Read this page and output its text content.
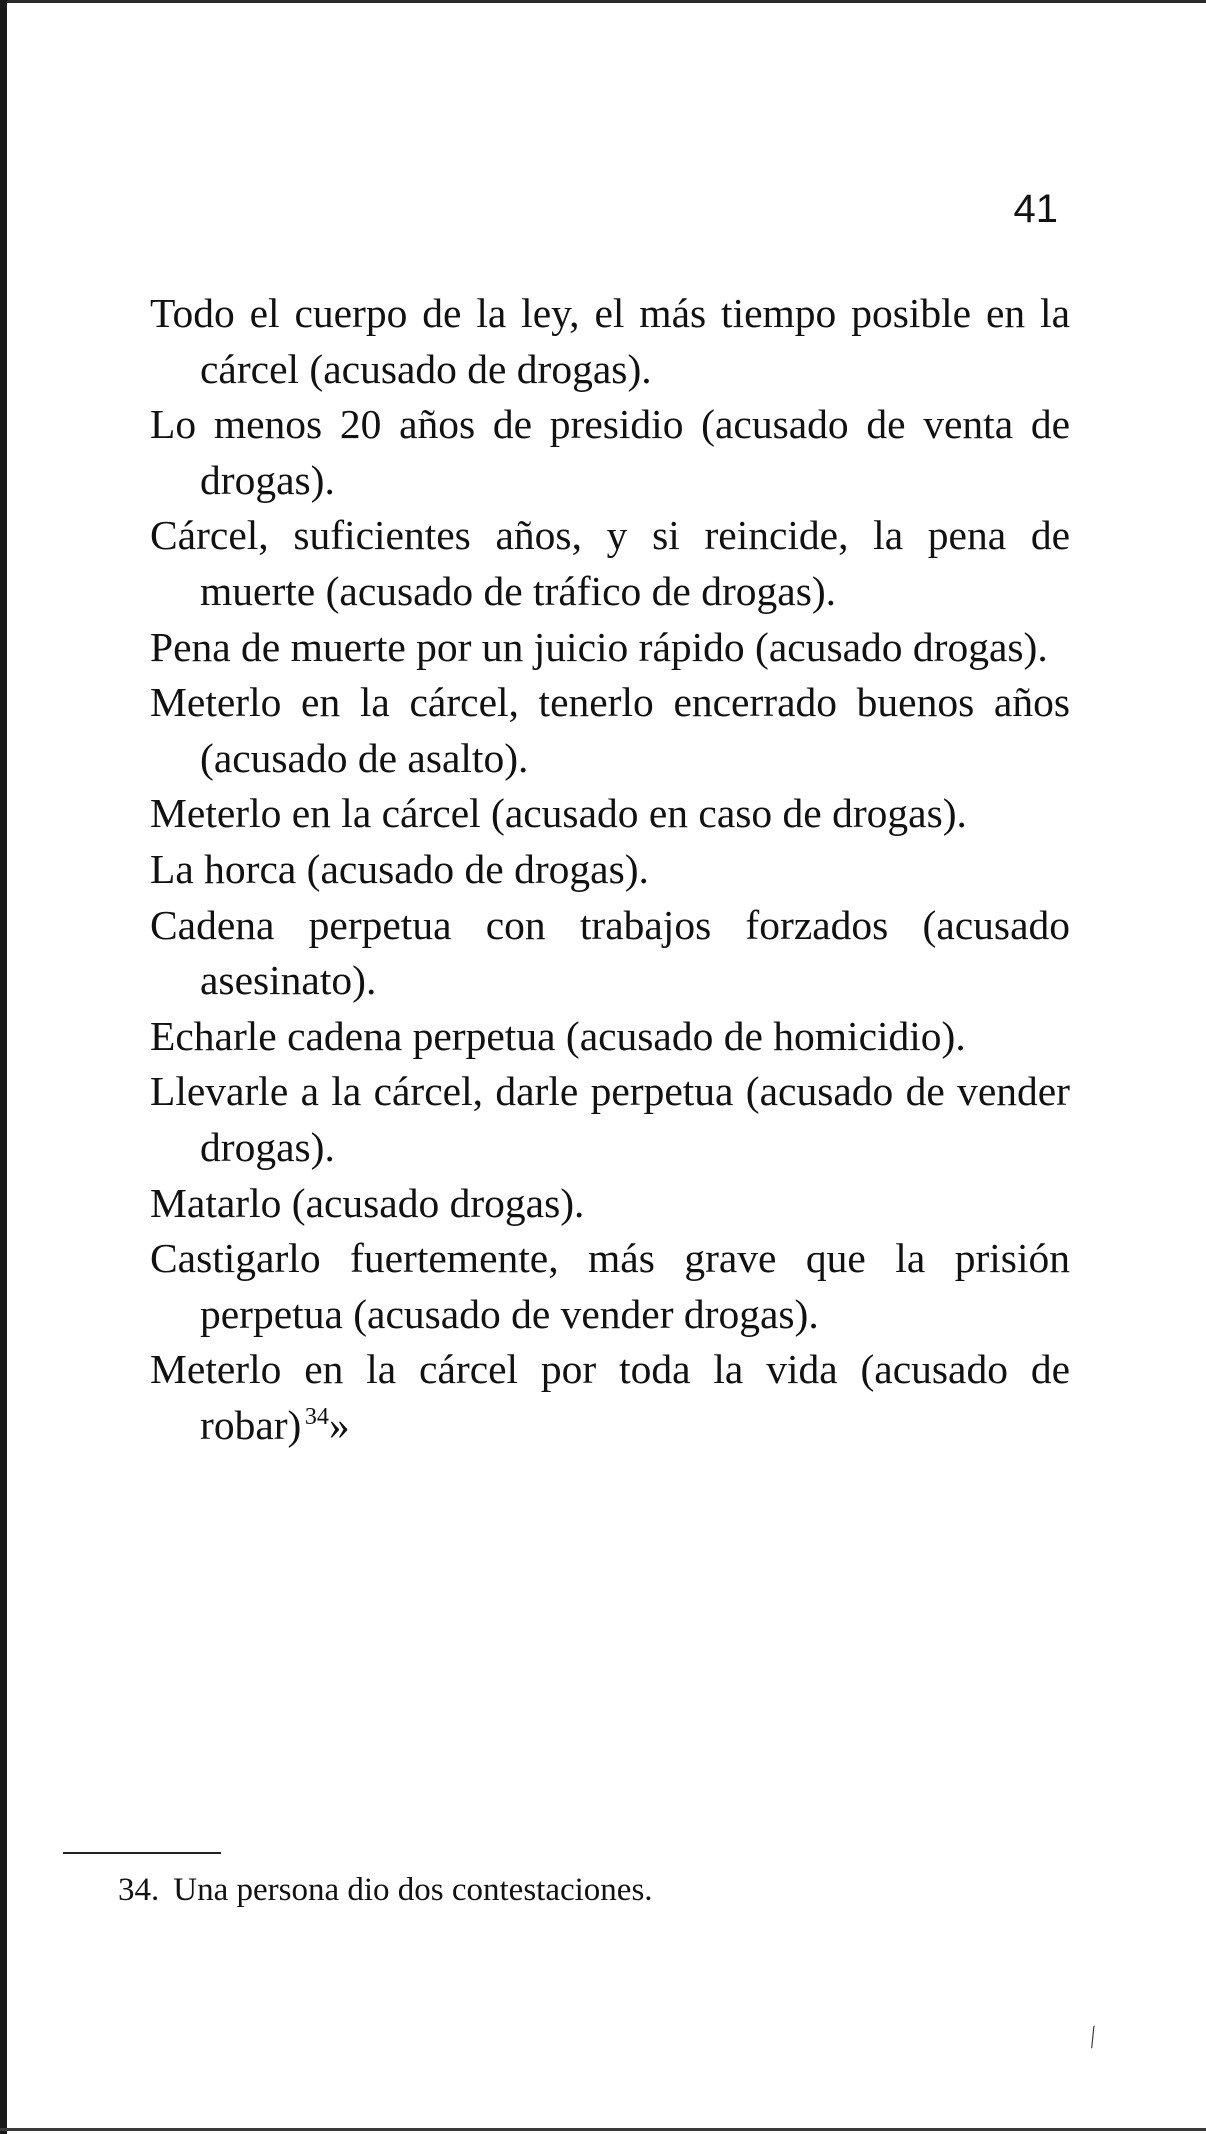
41

Todo el cuerpo de la ley, el más tiempo posible en la cárcel (acusado de drogas).

Lo menos 20 años de presidio (acusado de venta de drogas).

Cárcel, suficientes años, y si reincide, la pena de muerte (acusado de tráfico de drogas).

Pena de muerte por un juicio rápido (acusado drogas).

Meterlo en la cárcel, tenerlo encerrado buenos años (acusado de asalto).

Meterlo en la cárcel (acusado en caso de drogas).

La horca (acusado de drogas).

Cadena perpetua con trabajos forzados (acusado asesinato).

Echarle cadena perpetua (acusado de homicidio).

Llevarle a la cárcel, darle perpetua (acusado de vender drogas).

Matarlo (acusado drogas).

Castigarlo fuertemente, más grave que la prisión perpetua (acusado de vender drogas).

Meterlo en la cárcel por toda la vida (acusado de robar)  $^{34}$»

34. Una persona dio dos contestaciones.
⁄
